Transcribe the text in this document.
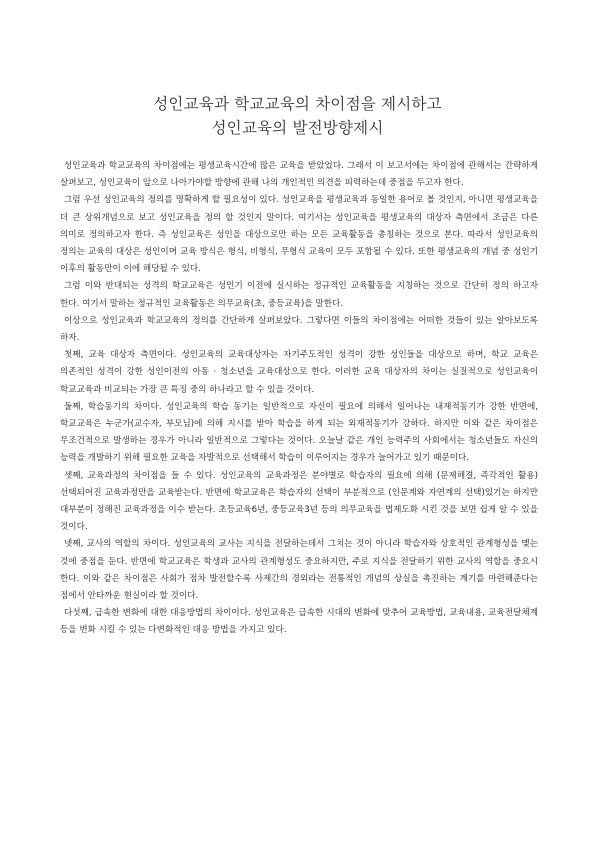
성인교육과 학교교육의 차이점을 제시하고
성인교육의 발전방향제시

성인교육과 학교교육의 차이점에는 평생교육시간에 많은 교육을 받았었다. 그래서 이 보고서에는 차이점에 관해서는 간략하게 살펴보고, 성인교육이 앞으로 나아가야할 방향에 관해 나의 개인적인 의견을 피력하는데 중점을 두고자 한다.

그럼 우선 성인교육의 정의를 명확하게 할 필요성이 있다. 성인교육을 평생교육과 동일한 용어로 볼 것인지, 아니면 평생교육을 더 큰 상위개념으로 보고 성인교육을 정의 할 것인지 말이다. 여기서는 성인교육을 평생교육의 대상자 측면에서 조금은 다른 의미로 정의하고자 한다. 즉 성인교육은 성인을 대상으로만 하는 모든 교육활동을 총칭하는 것으로 본다. 따라서 성인교육의 정의는 교육의 대상은 성인이며 교육 방식은 형식, 비형식, 무형식 교육이 모두 포함될 수 있다. 또한 평생교육의 개념 중 성인기 이후의 활동만이 이에 해당될 수 있다.

그럼 이와 반대되는 성격의 학교교육은 성인기 이전에 실시하는 정규적인 교육활동을 지칭하는 것으로 간단히 정의 하고자 한다. 여기서 말하는 정규적인 교육활동은 의무교육(초, 중등교육)을 말한다.

이상으로 성인교육과 학교교육의 정의를 간단하게 살펴보았다. 그렇다면 이들의 차이점에는 어떠한 것들이 있는 알아보도록 하자.

첫째, 교육 대상자 측면이다. 성인교육의 교육대상자는 자기주도적인 성격이 강한 성인들을 대상으로 하며, 학교 교육은 의존적인 성격이 강한 성인이전의 아동 · 청소년을 교육대상으로 한다. 이러한 교육 대상자의 차이는 실질적으로 성인교육이 학교교육과 비교되는 가장 큰 특징 중의 하나라고 할 수 있을 것이다.

둘째, 학습동기의 차이다. 성인교육의 학습 동기는 일반적으로 자신이 필요에 의해서 일어나는 내재적동기가 강한 반면에, 학교교육은 누군가(교수자, 부모님)에 의해 지시를 받아 학습을 하게 되는 외재적동기가 강하다. 하지만 이와 같은 차이점은 무조건적으로 발생하는 경우가 아니라 일반적으로 그렇다는 것이다. 오늘날 같은 개인 능력주의 사회에서는 청소년들도 자신의 능력을 개발하기 위해 필요한 교육을 자발적으로 선택해서 학습이 이루어지는 경우가 늘어가고 있기 때문이다.

셋째, 교육과정의 차이점을 들 수 있다. 성인교육의 교육과정은 분야별로 학습자의 필요에 의해 (문제해결, 즉각적인 활용) 선택되어진 교육과정만을 교육받는다. 반면에 학교교육은 학습자의 선택이 부분적으로 (인문계와 자연계의 선택)있기는 하지만 대부분이 정해진 교육과정을 이수 받는다. 초등교육6년, 중등교육3년 등의 의무교육을 법제도화 시킨 것을 보면 쉽게 알 수 있을 것이다.

넷째, 교사의 역할의 차이다. 성인교육의 교사는 지식을 전달하는데서 그치는 것이 아니라 학습자와 상호적인 관계형성을 맺는 것에 중점을 둔다. 반면에 학교교육은 학생과 교사의 관계형성도 중요하지만, 주로 지식을 전달하기 위한 교사의 역할을 중요시 한다. 이와 같은 차이점은 사회가 점차 발전할수록 사제간의 경외라는 전통적인 개념의 상실을 촉진하는 계기를 마련해준다는 점에서 안타까운 현실이라 할 것이다.

다섯째, 급속한 변화에 대한 대응방법의 차이이다. 성인교육은 급속한 시대의 변화에 맞추어 교육방법, 교육내용, 교육전달체계 등을 변화 시킬 수 있는 다변화적인 대응 방법을 가지고 있다.
